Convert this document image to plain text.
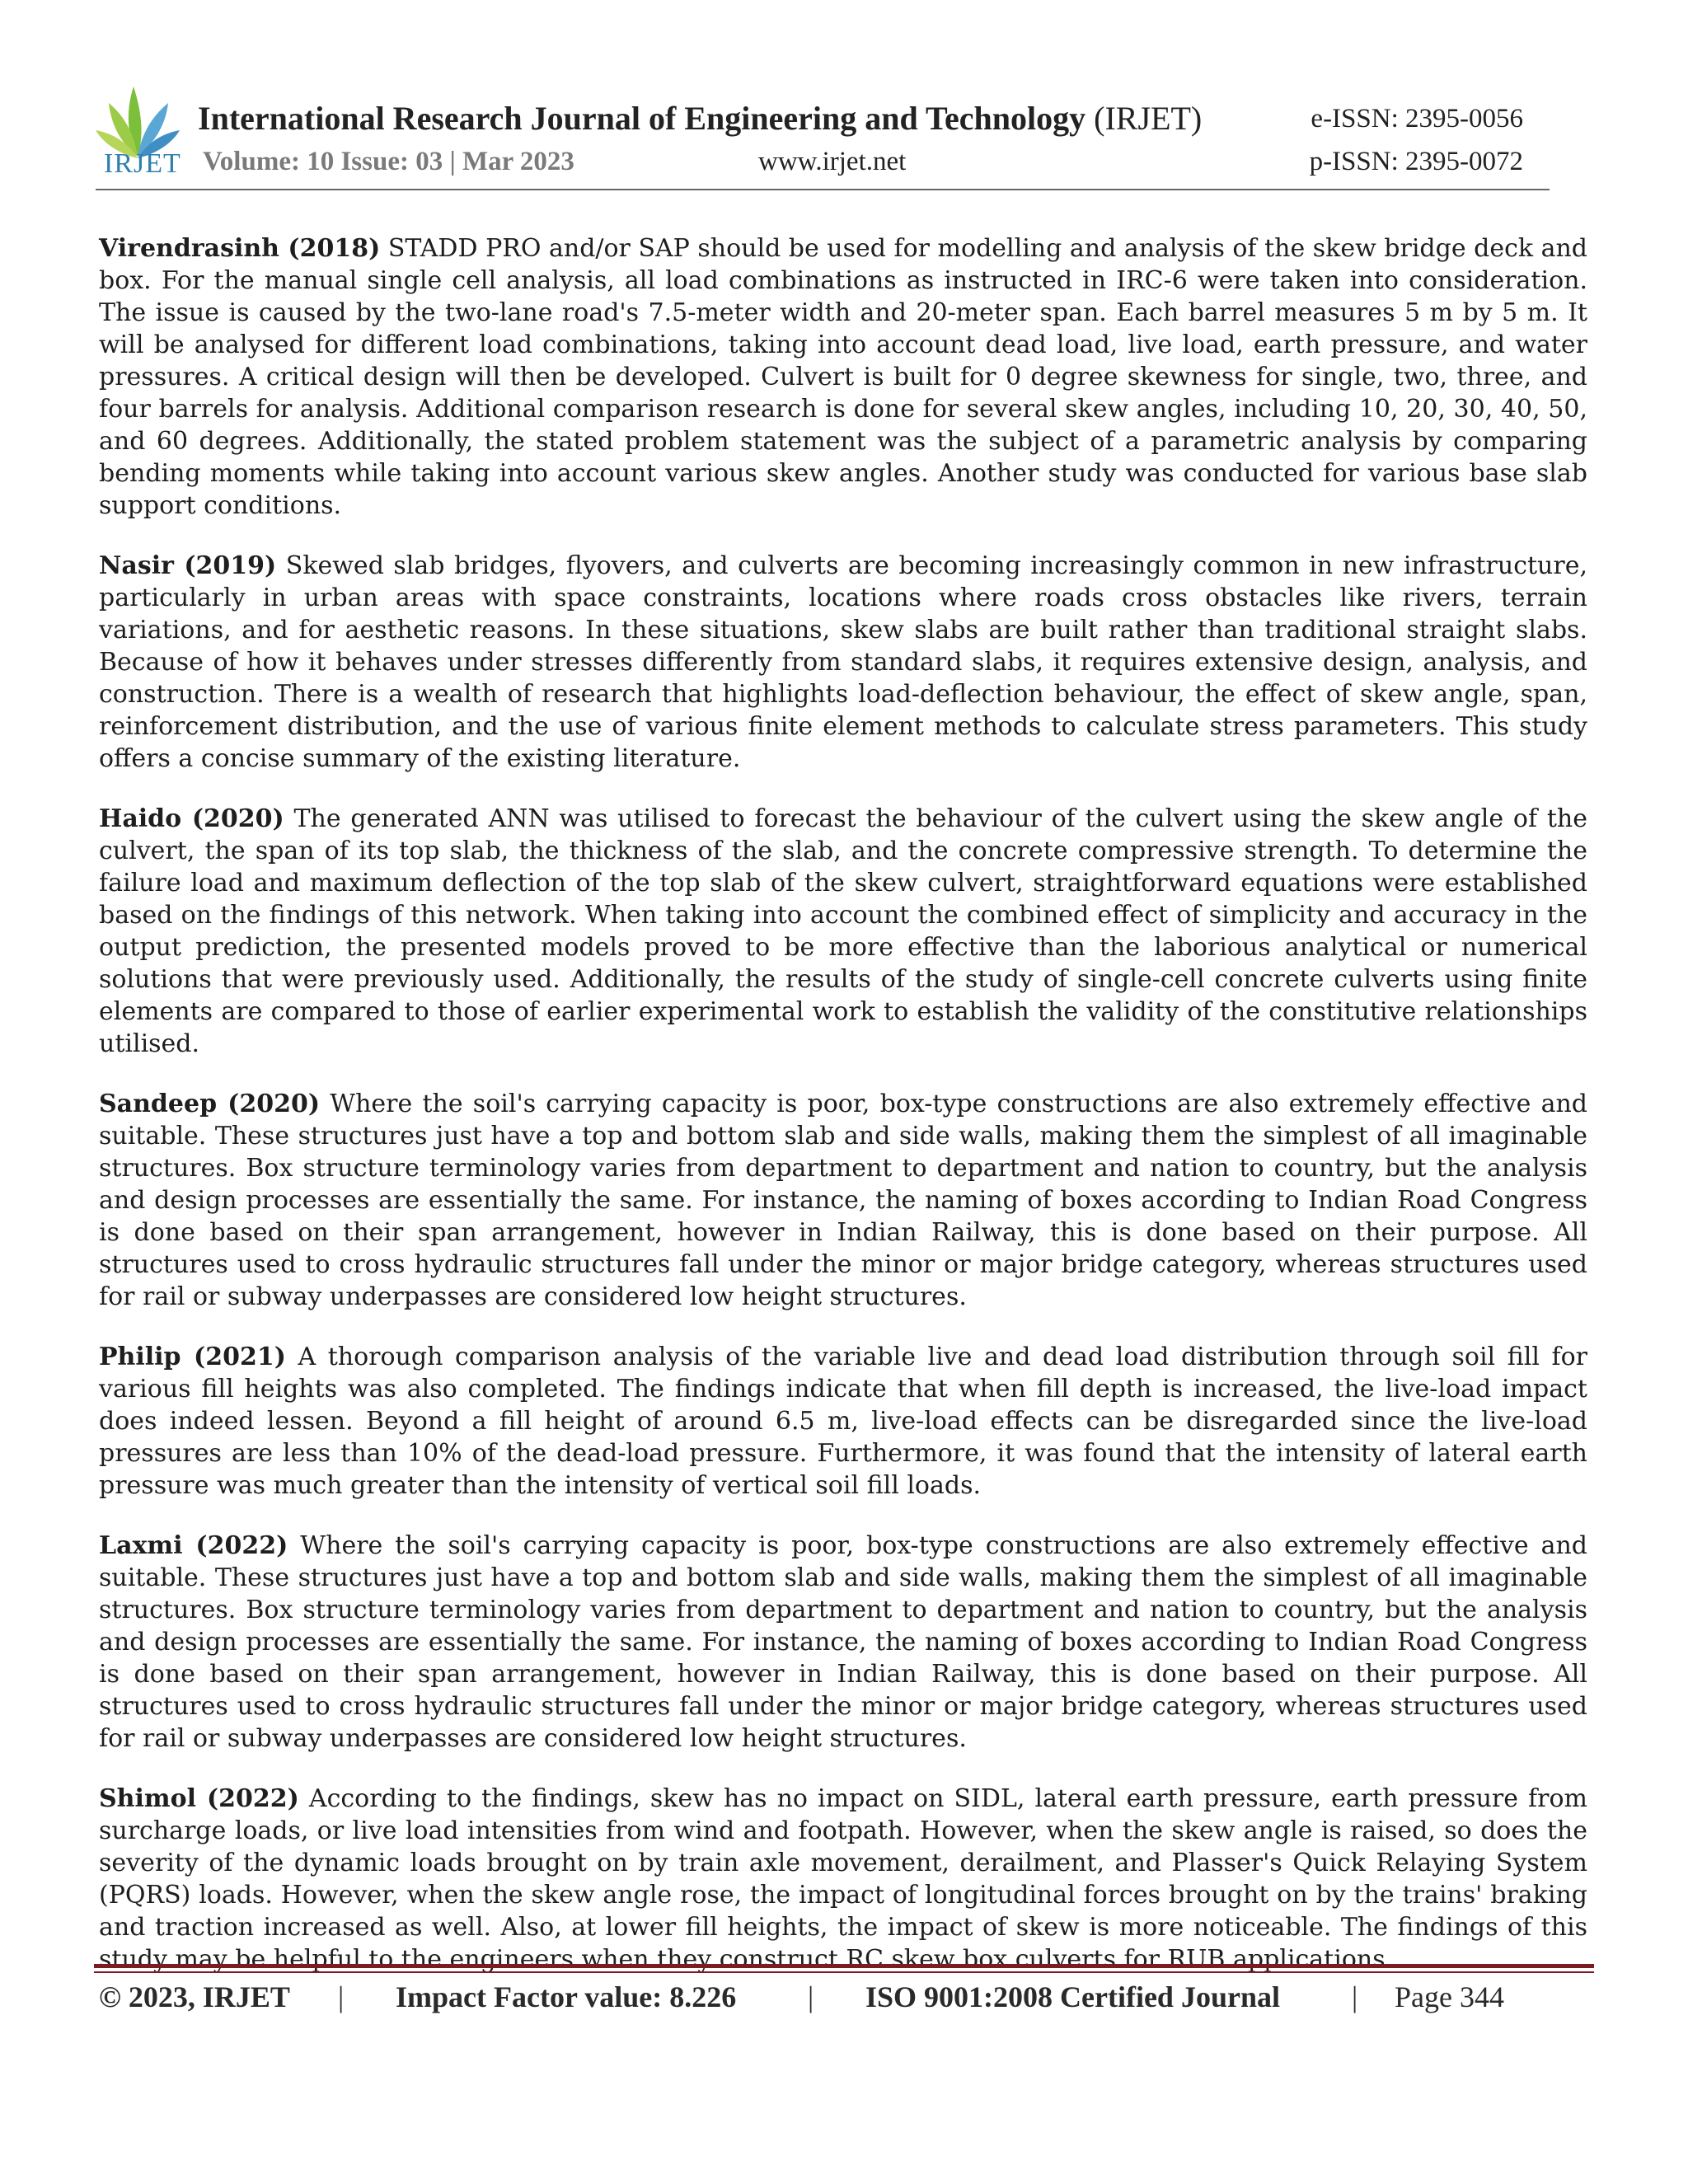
IRJET
International Research Journal of Engineering and Technology (IRJET)	e-ISSN: 2395-0056
Volume: 10 Issue: 03 | Mar 2023	www.irjet.net	p-ISSN: 2395-0072

Virendrasinh (2018) STADD PRO and/or SAP should be used for modelling and analysis of the skew bridge deck and box. For the manual single cell analysis, all load combinations as instructed in IRC-6 were taken into consideration. The issue is caused by the two-lane road's 7.5-meter width and 20-meter span. Each barrel measures 5 m by 5 m. It will be analysed for different load combinations, taking into account dead load, live load, earth pressure, and water pressures. A critical design will then be developed. Culvert is built for 0 degree skewness for single, two, three, and four barrels for analysis. Additional comparison research is done for several skew angles, including 10, 20, 30, 40, 50, and 60 degrees. Additionally, the stated problem statement was the subject of a parametric analysis by comparing bending moments while taking into account various skew angles. Another study was conducted for various base slab support conditions.

Nasir (2019) Skewed slab bridges, flyovers, and culverts are becoming increasingly common in new infrastructure, particularly in urban areas with space constraints, locations where roads cross obstacles like rivers, terrain variations, and for aesthetic reasons. In these situations, skew slabs are built rather than traditional straight slabs. Because of how it behaves under stresses differently from standard slabs, it requires extensive design, analysis, and construction. There is a wealth of research that highlights load-deflection behaviour, the effect of skew angle, span, reinforcement distribution, and the use of various finite element methods to calculate stress parameters. This study offers a concise summary of the existing literature.

Haido (2020) The generated ANN was utilised to forecast the behaviour of the culvert using the skew angle of the culvert, the span of its top slab, the thickness of the slab, and the concrete compressive strength. To determine the failure load and maximum deflection of the top slab of the skew culvert, straightforward equations were established based on the findings of this network. When taking into account the combined effect of simplicity and accuracy in the output prediction, the presented models proved to be more effective than the laborious analytical or numerical solutions that were previously used. Additionally, the results of the study of single-cell concrete culverts using finite elements are compared to those of earlier experimental work to establish the validity of the constitutive relationships utilised.

Sandeep (2020) Where the soil's carrying capacity is poor, box-type constructions are also extremely effective and suitable. These structures just have a top and bottom slab and side walls, making them the simplest of all imaginable structures. Box structure terminology varies from department to department and nation to country, but the analysis and design processes are essentially the same. For instance, the naming of boxes according to Indian Road Congress is done based on their span arrangement, however in Indian Railway, this is done based on their purpose. All structures used to cross hydraulic structures fall under the minor or major bridge category, whereas structures used for rail or subway underpasses are considered low height structures.

Philip (2021) A thorough comparison analysis of the variable live and dead load distribution through soil fill for various fill heights was also completed. The findings indicate that when fill depth is increased, the live-load impact does indeed lessen. Beyond a fill height of around 6.5 m, live-load effects can be disregarded since the live-load pressures are less than 10% of the dead-load pressure. Furthermore, it was found that the intensity of lateral earth pressure was much greater than the intensity of vertical soil fill loads.

Laxmi (2022) Where the soil's carrying capacity is poor, box-type constructions are also extremely effective and suitable. These structures just have a top and bottom slab and side walls, making them the simplest of all imaginable structures. Box structure terminology varies from department to department and nation to country, but the analysis and design processes are essentially the same. For instance, the naming of boxes according to Indian Road Congress is done based on their span arrangement, however in Indian Railway, this is done based on their purpose. All structures used to cross hydraulic structures fall under the minor or major bridge category, whereas structures used for rail or subway underpasses are considered low height structures.

Shimol (2022) According to the findings, skew has no impact on SIDL, lateral earth pressure, earth pressure from surcharge loads, or live load intensities from wind and footpath. However, when the skew angle is raised, so does the severity of the dynamic loads brought on by train axle movement, derailment, and Plasser's Quick Relaying System (PQRS) loads. However, when the skew angle rose, the impact of longitudinal forces brought on by the trains' braking and traction increased as well. Also, at lower fill heights, the impact of skew is more noticeable. The findings of this study may be helpful to the engineers when they construct RC skew box culverts for RUB applications.

© 2023, IRJET | Impact Factor value: 8.226 | ISO 9001:2008 Certified Journal | Page 344
